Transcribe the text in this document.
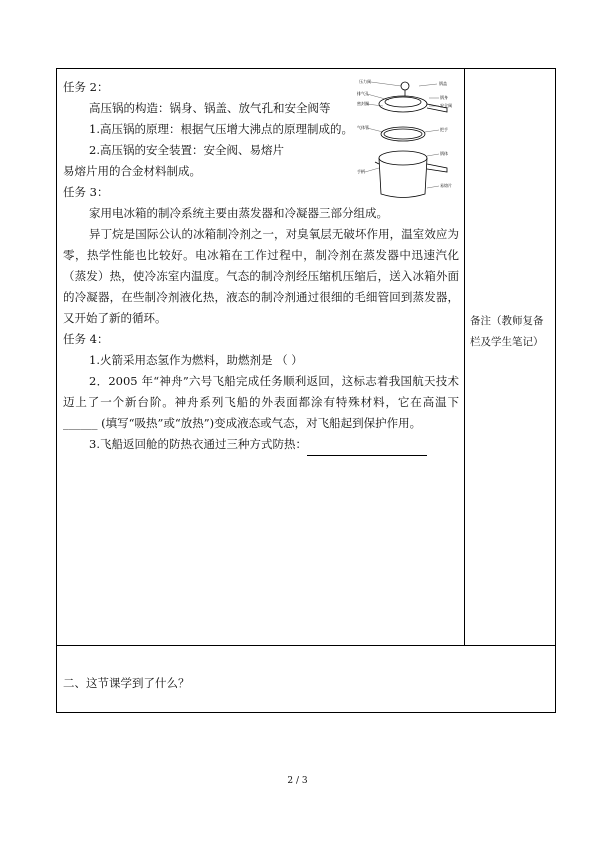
任务 2：

高压锅的构造：锅身、锅盖、放气孔和安全阀等

1.高压锅的原理：根据气压增大沸点的原理制成的。

2.高压锅的安全装置：安全阀、易熔片

易熔片用的合金材料制成。

任务 3：

家用电冰箱的制冷系统主要由蒸发器和冷凝器三部分组成。

异丁烷是国际公认的冰箱制冷剂之一，对臭氧层无破坏作用，温室效应为零，热学性能也比较好。电冰箱在工作过程中，制冷剂在蒸发器中迅速汽化（蒸发）热，使冷冻室内温度。气态的制冷剂经压缩机压缩后，送入冰箱外面的冷凝器，在些制冷剂液化热，液态的制冷剂通过很细的毛细管回到蒸发器，又开始了新的循环。

任务 4：

1.火箭采用态氢作为燃料，助燃剂是 （ ）

2．2005 年“神舟”六号飞船完成任务顺利返回，这标志着我国航天技术迈上了一个新台阶。神舟系列飞船的外表面都涂有特殊材料，它在高温下______ (填写“吸热”或“放热”)变成液态或气态，对飞船起到保护作用。

3.飞船返回舱的防热衣通过三种方式防热：

压力阀	锅盖
排气孔
密封圈
锅身
安全阀
气体管	把手
锅体
手柄
易熔片
备注（教师复备栏及学生笔记）
二、这节课学到了什么？
2 / 3
